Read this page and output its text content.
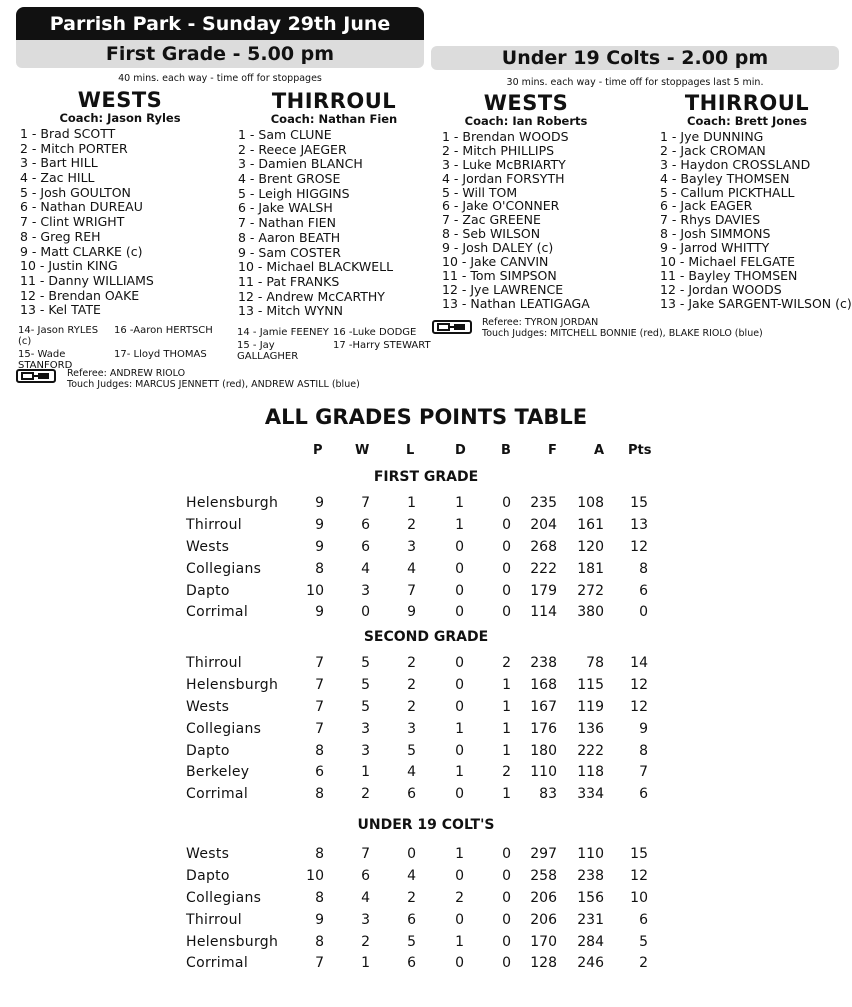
Parrish Park - Sunday 29th June
First Grade - 5.00 pm
40 mins. each way - time off for stoppages
WESTS
Coach: Jason Ryles
1 - Brad SCOTT
2 - Mitch PORTER
3 - Bart HILL
4 - Zac HILL
5 - Josh GOULTON
6 - Nathan DUREAU
7 - Clint WRIGHT
8 - Greg REH
9 - Matt CLARKE (c)
10 - Justin KING
11 - Danny WILLIAMS
12 - Brendan OAKE
13 - Kel TATE
THIRROUL
Coach: Nathan Fien
1 - Sam CLUNE
2 - Reece JAEGER
3 - Damien BLANCH
4 - Brent GROSE
5 - Leigh HIGGINS
6 - Jake WALSH
7 - Nathan FIEN
8 - Aaron BEATH
9 - Sam COSTER
10 - Michael BLACKWELL
11 - Pat FRANKS
12 - Andrew McCARTHY
13 - Mitch WYNN
14- Jason RYLES (c)
16 -Aaron HERTSCH
15- Wade STANFORD
17- Lloyd THOMAS
14 - Jamie FEENEY 16 -Luke DODGE
15 - Jay GALLAGHER
17 -Harry STEWART
Referee: ANDREW RIOLO
Touch Judges: MARCUS JENNETT (red), ANDREW ASTILL (blue)
Under 19 Colts - 2.00 pm
30 mins. each way - time off for stoppages last 5 min.
WESTS
Coach: Ian Roberts
1 - Brendan WOODS
2 - Mitch PHILLIPS
3 - Luke McBRIARTY
4 - Jordan FORSYTH
5 - Will TOM
6 - Jake O'CONNER
7 - Zac GREENE
8 - Seb WILSON
9 - Josh DALEY (c)
10 - Jake CANVIN
11 - Tom SIMPSON
12 - Jye LAWRENCE
13 - Nathan LEATIGAGA
THIRROUL
Coach: Brett Jones
1 - Jye DUNNING
2 - Jack CROMAN
3 - Haydon CROSSLAND
4 - Bayley THOMSEN
5 - Callum PICKTHALL
6 - Jack EAGER
7 - Rhys DAVIES
8 - Josh SIMMONS
9 - Jarrod WHITTY
10 - Michael FELGATE
11 - Bayley THOMSEN
12 - Jordan WOODS
13 - Jake SARGENT-WILSON (c)
Referee: TYRON JORDAN
Touch Judges: MITCHELL BONNIE (red), BLAKE RIOLO (blue)
ALL GRADES POINTS TABLE
P W	L	D	B	F	A Pts
FIRST GRADE
Helensburgh	9	7	1	1	0	235	108	15
Thirroul	9	6	2	1	0	204	161	13
Wests	9	6	3	0	0	268	120	12
Collegians	8	4	4	0	0	222	181	8
Dapto	10	3	7	0	0	179	272	6
Corrimal	9	0	9	0	0	114	380	0
SECOND GRADE
Thirroul	7	5	2	0	2	238	78	14
Helensburgh	7	5	2	0	1	168	115	12
Wests	7	5	2	0	1	167	119	12
Collegians	7	3	3	1	1	176	136	9
Dapto	8	3	5	0	1	180	222	8
Berkeley	6	1	4	1	2	110	118	7
Corrimal	8	2	6	0	1	83	334	6
UNDER 19 COLT'S
Wests	8	7	0	1	0	297	110	15
Dapto	10	6	4	0	0	258	238	12
Collegians	8	4	2	2	0	206	156	10
Thirroul	9	3	6	0	0	206	231	6
Helensburgh	8	2	5	1	0	170	284	5
Corrimal	7	1	6	0	0	128	246	2
